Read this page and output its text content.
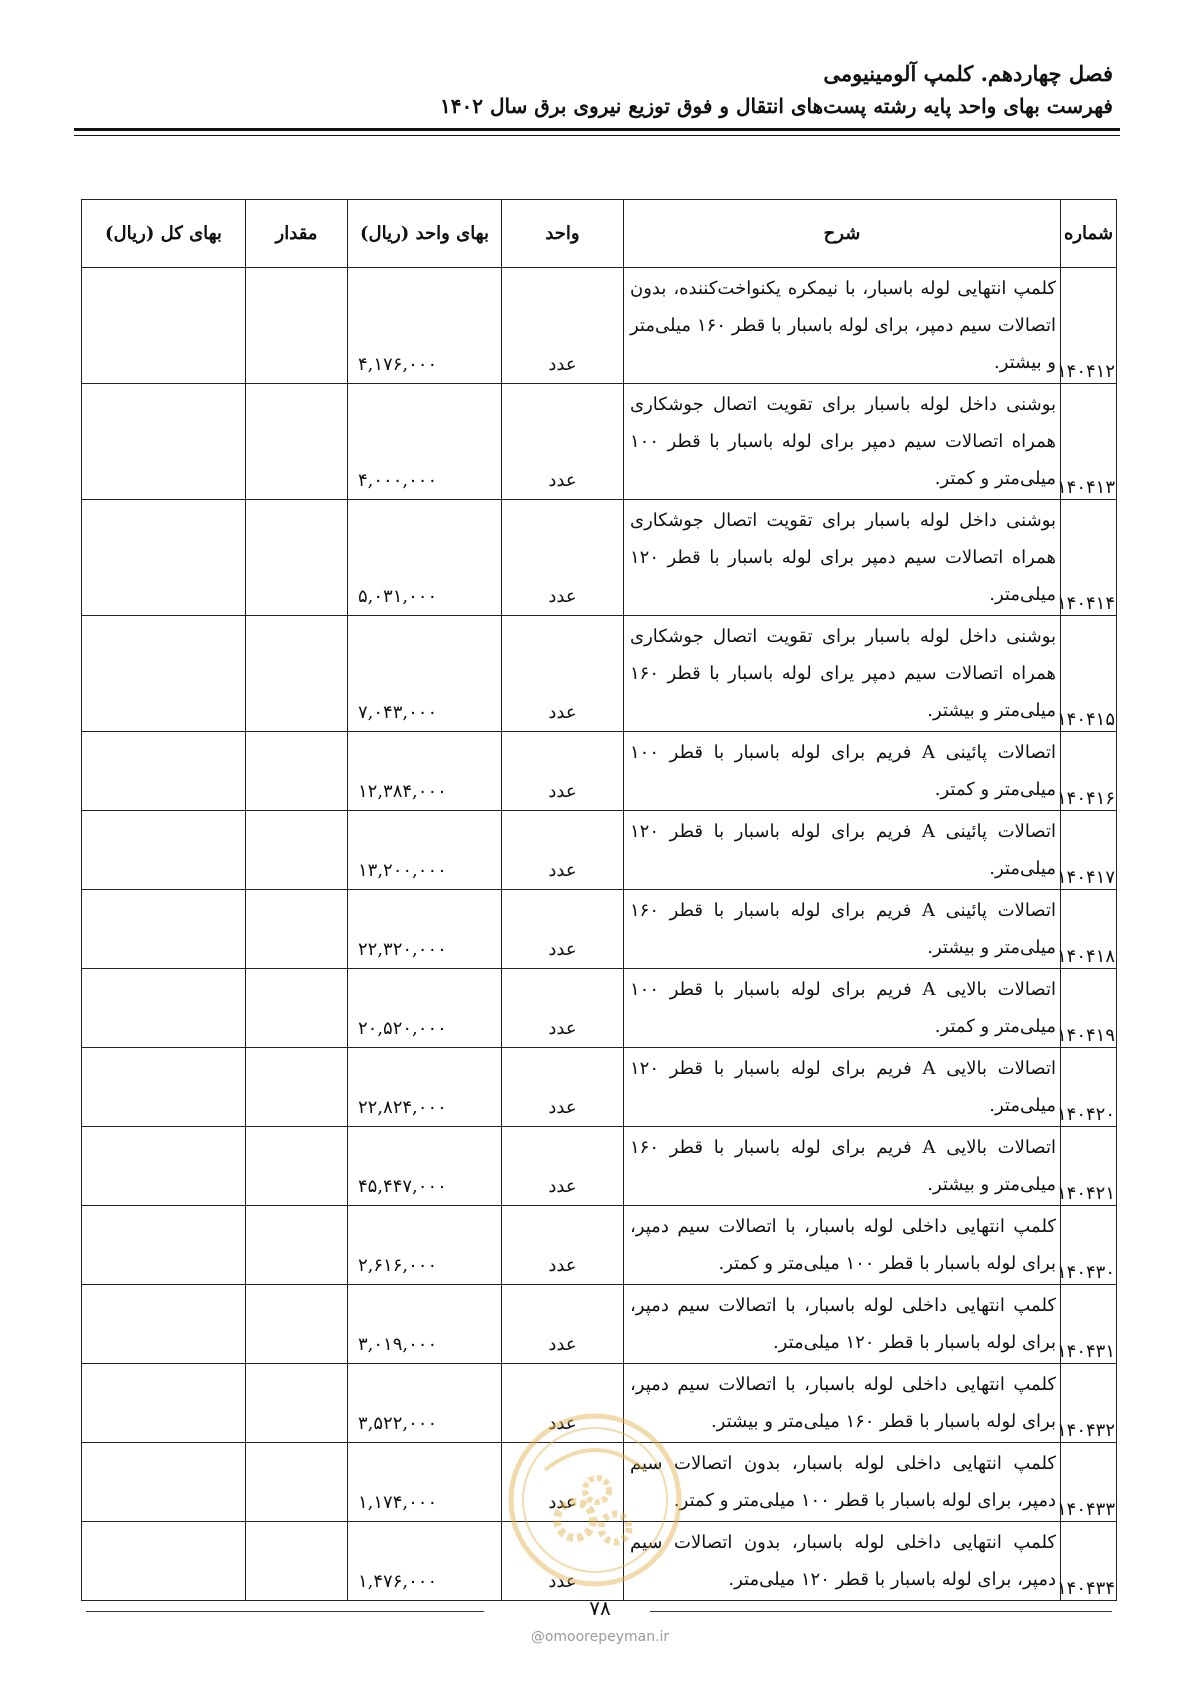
فصل چهاردهم. کلمپ آلومینیومی
فهرست بهای واحد پایه رشته پست‌های انتقال و فوق توزیع نیروی برق سال ۱۴۰۲
شماره	شرح	واحد	بهای واحد (ریال)	مقدار	بهای کل (ریال)
۱۴۰۴۱۲	کلمپ انتهایی لوله باسبار، با نیمکره یکنواخت‌کننده، بدون اتصالات سیم دمپر، برای لوله باسبار با قطر ۱۶۰ میلی‌متر و بیشتر.	عدد	۴,۱۷۶,۰۰۰		
۱۴۰۴۱۳	بوشنی داخل لوله باسبار برای تقویت اتصال جوشکاری همراه اتصالات سیم دمپر برای لوله باسبار با قطر ۱۰۰ میلی‌متر و کمتر.	عدد	۴,۰۰۰,۰۰۰		
۱۴۰۴۱۴	بوشنی داخل لوله باسبار برای تقویت اتصال جوشکاری همراه اتصالات سیم دمپر برای لوله باسبار با قطر ۱۲۰ میلی‌متر.	عدد	۵,۰۳۱,۰۰۰		
۱۴۰۴۱۵	بوشنی داخل لوله باسبار برای تقویت اتصال جوشکاری همراه اتصالات سیم دمپر یرای لوله باسبار با قطر ۱۶۰ میلی‌متر و بیشتر.	عدد	۷,۰۴۳,۰۰۰		
۱۴۰۴۱۶	اتصالات پائینی A فریم برای لوله باسبار با قطر ۱۰۰ میلی‌متر و کمتر.	عدد	۱۲,۳۸۴,۰۰۰		
۱۴۰۴۱۷	اتصالات پائینی A فریم برای لوله باسبار با قطر ۱۲۰ میلی‌متر.	عدد	۱۳,۲۰۰,۰۰۰		
۱۴۰۴۱۸	اتصالات پائینی A فریم برای لوله باسبار با قطر ۱۶۰ میلی‌متر و بیشتر.	عدد	۲۲,۳۲۰,۰۰۰		
۱۴۰۴۱۹	اتصالات بالایی A فریم برای لوله باسبار با قطر ۱۰۰ میلی‌متر و کمتر.	عدد	۲۰,۵۲۰,۰۰۰		
۱۴۰۴۲۰	اتصالات بالایی A فریم برای لوله باسبار با قطر ۱۲۰ میلی‌متر.	عدد	۲۲,۸۲۴,۰۰۰		
۱۴۰۴۲۱	اتصالات بالایی A فریم برای لوله باسبار با قطر ۱۶۰ میلی‌متر و بیشتر.	عدد	۴۵,۴۴۷,۰۰۰		
۱۴۰۴۳۰	کلمپ انتهایی داخلی لوله باسبار، با اتصالات سیم دمپر، برای لوله باسبار با قطر ۱۰۰ میلی‌متر و کمتر.	عدد	۲,۶۱۶,۰۰۰		
۱۴۰۴۳۱	کلمپ انتهایی داخلی لوله باسبار، با اتصالات سیم دمپر، برای لوله باسبار با قطر ۱۲۰ میلی‌متر.	عدد	۳,۰۱۹,۰۰۰		
۱۴۰۴۳۲	کلمپ انتهایی داخلی لوله باسبار، با اتصالات سیم دمپر، برای لوله باسبار با قطر ۱۶۰ میلی‌متر و بیشتر.	عدد	۳,۵۲۲,۰۰۰		
۱۴۰۴۳۳	کلمپ انتهایی داخلی لوله باسبار، بدون اتصالات سیم دمپر، برای لوله باسبار با قطر ۱۰۰ میلی‌متر و کمتر.	عدد	۱,۱۷۴,۰۰۰		
۱۴۰۴۳۴	کلمپ انتهایی داخلی لوله باسبار، بدون اتصالات سیم دمپر، برای لوله باسبار با قطر ۱۲۰ میلی‌متر.	عدد	۱,۴۷۶,۰۰۰		
۷۸
@omoorepeyman.ir
